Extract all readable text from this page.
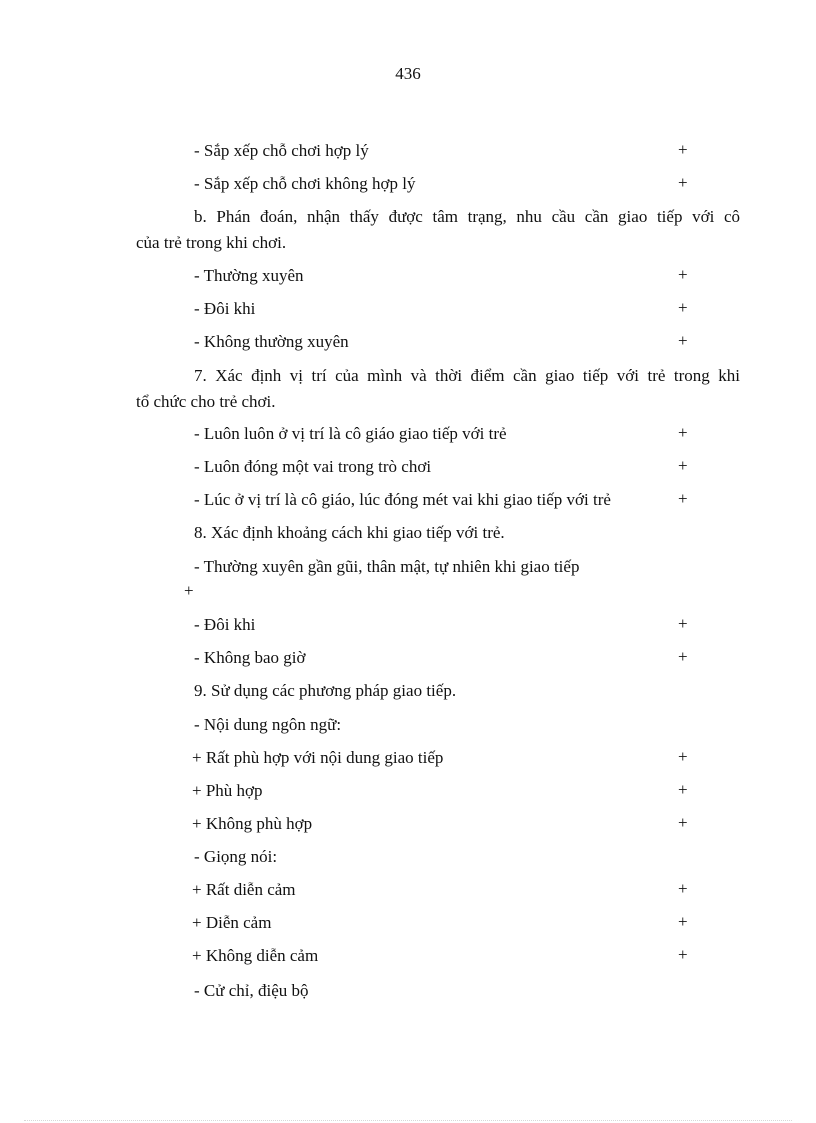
436
- Sắp xếp chỗ chơi hợp lý	+
- Sắp xếp chỗ chơi không hợp lý	+
b. Phán đoán, nhận thấy được tâm trạng, nhu cầu cần giao tiếp với cô
của trẻ trong khi chơi.
- Thường xuyên	+
- Đôi khi	+
- Không thường xuyên	+
7. Xác định vị trí của mình và thời điểm cần giao tiếp với trẻ trong khi
tổ chức cho trẻ chơi.
- Luôn luôn ở vị trí là cô giáo giao tiếp với trẻ	+
- Luôn đóng một vai trong trò chơi	+
- Lúc ở vị trí là cô giáo, lúc đóng mét vai khi giao tiếp với trẻ	+
8. Xác định khoảng cách khi giao tiếp với trẻ.
- Thường xuyên gần gũi, thân mật, tự nhiên khi giao tiếp
+
- Đôi khi	+
- Không bao giờ	+
9. Sử dụng các phương pháp giao tiếp.
- Nội dung ngôn ngữ:
+ Rất phù hợp với nội dung giao tiếp	+
+ Phù hợp	+
+ Không phù hợp	+
- Giọng nói:
+ Rất diễn cảm	+
+ Diễn cảm	+
+ Không diễn cảm	+
- Cử chỉ, điệu bộ
